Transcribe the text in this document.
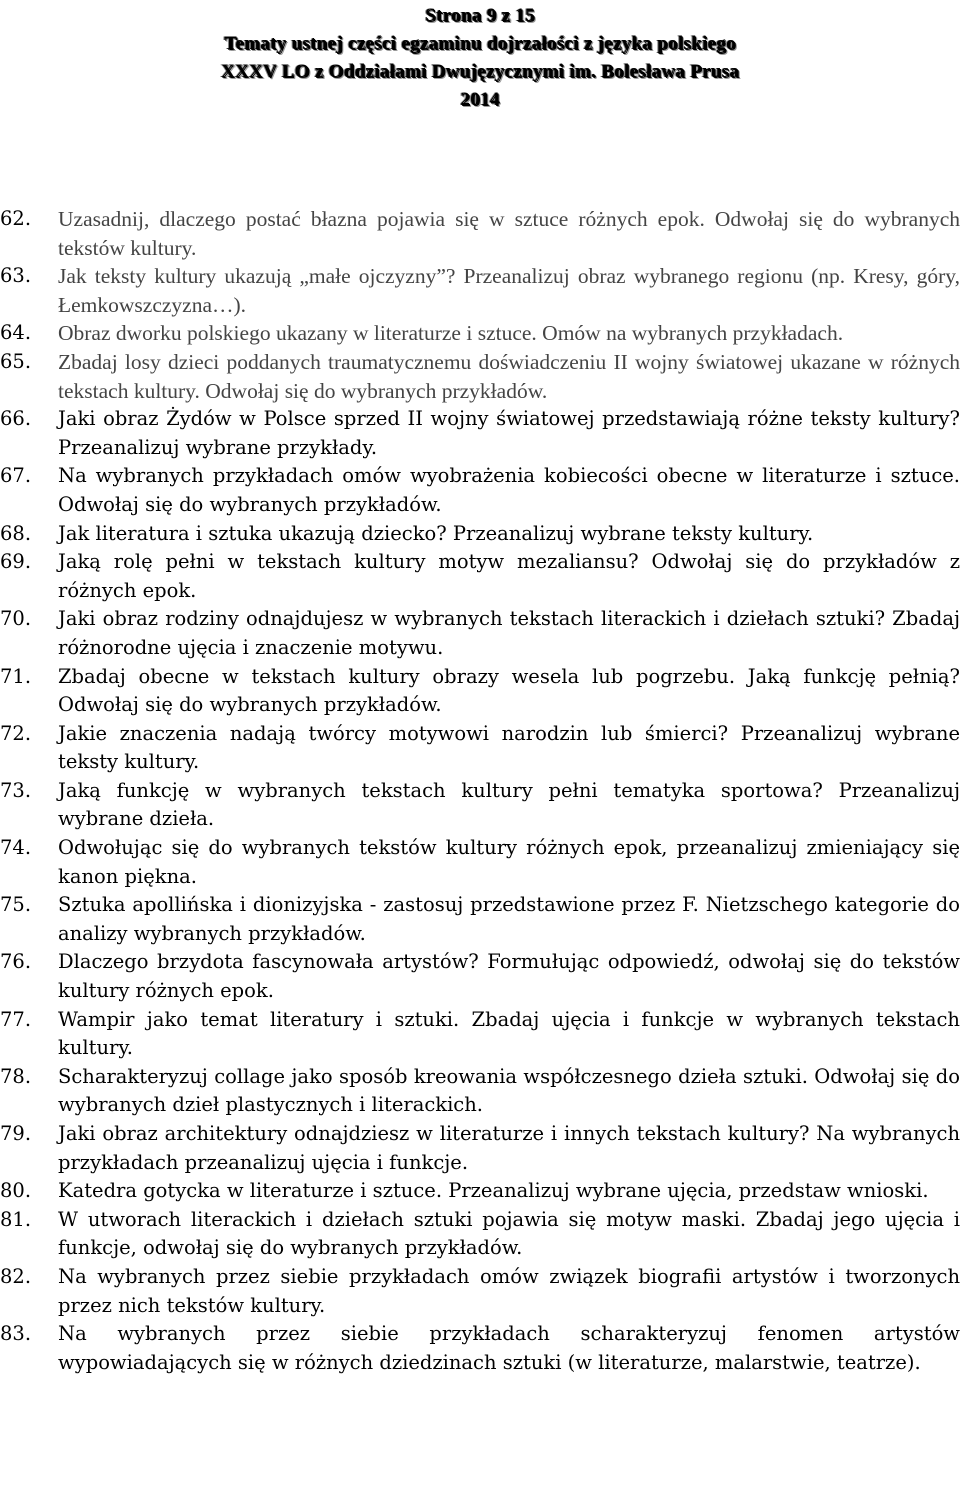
Strona 9 z 15
Tematy ustnej części egzaminu dojrzałości z języka polskiego
XXXV LO z Oddziałami Dwujęzycznymi im. Bolesława Prusa
2014
62.	Uzasadnij, dlaczego postać błazna pojawia się w sztuce różnych epok. Odwołaj się do wybranych tekstów kultury.
63.	Jak teksty kultury ukazują „małe ojczyzny”? Przeanalizuj obraz wybranego regionu (np. Kresy, góry, Łemkowszczyzna…).
64.	Obraz dworku polskiego ukazany w literaturze i sztuce. Omów na wybranych przykładach.
65.	Zbadaj losy dzieci poddanych traumatycznemu doświadczeniu II wojny światowej ukazane w różnych tekstach kultury. Odwołaj się do wybranych przykładów.
66.	Jaki obraz Żydów w Polsce sprzed II wojny światowej przedstawiają różne teksty kultury? Przeanalizuj wybrane przykłady.
67.	Na wybranych przykładach omów wyobrażenia kobiecości obecne w literaturze i sztuce. Odwołaj się do wybranych przykładów.
68.	Jak literatura i sztuka ukazują dziecko? Przeanalizuj wybrane teksty kultury.
69.	Jaką rolę pełni w tekstach kultury motyw mezaliansu? Odwołaj się do przykładów z różnych epok.
70.	Jaki obraz rodziny odnajdujesz w wybranych tekstach literackich i dziełach sztuki? Zbadaj różnorodne ujęcia i znaczenie motywu.
71.	Zbadaj obecne w tekstach kultury obrazy wesela lub pogrzebu. Jaką funkcję pełnią? Odwołaj się do wybranych przykładów.
72.	Jakie znaczenia nadają twórcy motywowi narodzin lub śmierci? Przeanalizuj wybrane teksty kultury.
73.	Jaką funkcję w wybranych tekstach kultury pełni tematyka sportowa? Przeanalizuj wybrane dzieła.
74.	Odwołując się do wybranych tekstów kultury różnych epok, przeanalizuj zmieniający się kanon piękna.
75.	Sztuka apollińska i dionizyjska - zastosuj przedstawione przez F. Nietzschego kategorie do analizy wybranych przykładów.
76.	Dlaczego brzydota fascynowała artystów? Formułując odpowiedź, odwołaj się do tekstów kultury różnych epok.
77.	Wampir jako temat literatury i sztuki. Zbadaj ujęcia i funkcje w wybranych tekstach kultury.
78.	Scharakteryzuj collage jako sposób kreowania współczesnego dzieła sztuki. Odwołaj się do wybranych dzieł plastycznych i literackich.
79.	Jaki obraz architektury odnajdziesz w literaturze i innych tekstach kultury? Na wybranych przykładach przeanalizuj ujęcia i funkcje.
80.	Katedra gotycka w literaturze i sztuce. Przeanalizuj wybrane ujęcia, przedstaw wnioski.
81.	W utworach literackich i dziełach sztuki pojawia się motyw maski. Zbadaj jego ujęcia i funkcje, odwołaj się do wybranych przykładów.
82.	Na wybranych przez siebie przykładach omów związek biografii artystów i tworzonych przez nich tekstów kultury.
83.	Na wybranych przez siebie przykładach scharakteryzuj fenomen artystów wypowiadających się w różnych dziedzinach sztuki (w literaturze, malarstwie, teatrze).
